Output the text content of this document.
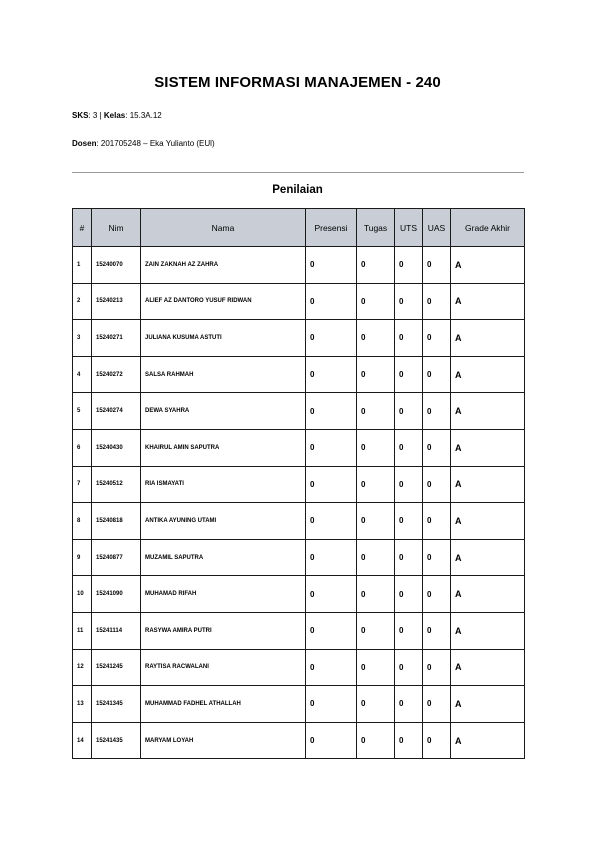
SISTEM INFORMASI MANAJEMEN - 240
SKS: 3 | Kelas: 15.3A.12
Dosen: 201705248 – Eka Yulianto (EUl)
Penilaian
#	Nim	Nama	Presensi	Tugas	UTS	UAS	Grade Akhir
1	15240070	ZAIN ZAKNAH AZ ZAHRA	0	0	0	0	A
2	15240213	ALIEF AZ DANTORO YUSUF RIDWAN	0	0	0	0	A
3	15240271	JULIANA KUSUMA ASTUTI	0	0	0	0	A
4	15240272	SALSA RAHMAH	0	0	0	0	A
5	15240274	DEWA SYAHRA	0	0	0	0	A
6	15240430	KHAIRUL AMIN SAPUTRA	0	0	0	0	A
7	15240512	RIA ISMAYATI	0	0	0	0	A
8	15240818	ANTIKA AYUNING UTAMI	0	0	0	0	A
9	15240877	MUZAMIL SAPUTRA	0	0	0	0	A
10	15241090	MUHAMAD RIFAH	0	0	0	0	A
11	15241114	RASYWA AMIRA PUTRI	0	0	0	0	A
12	15241245	RAYTISA RACWALANI	0	0	0	0	A
13	15241345	MUHAMMAD FADHEL ATHALLAH	0	0	0	0	A
14	15241435	MARYAM LOYAH	0	0	0	0	A
